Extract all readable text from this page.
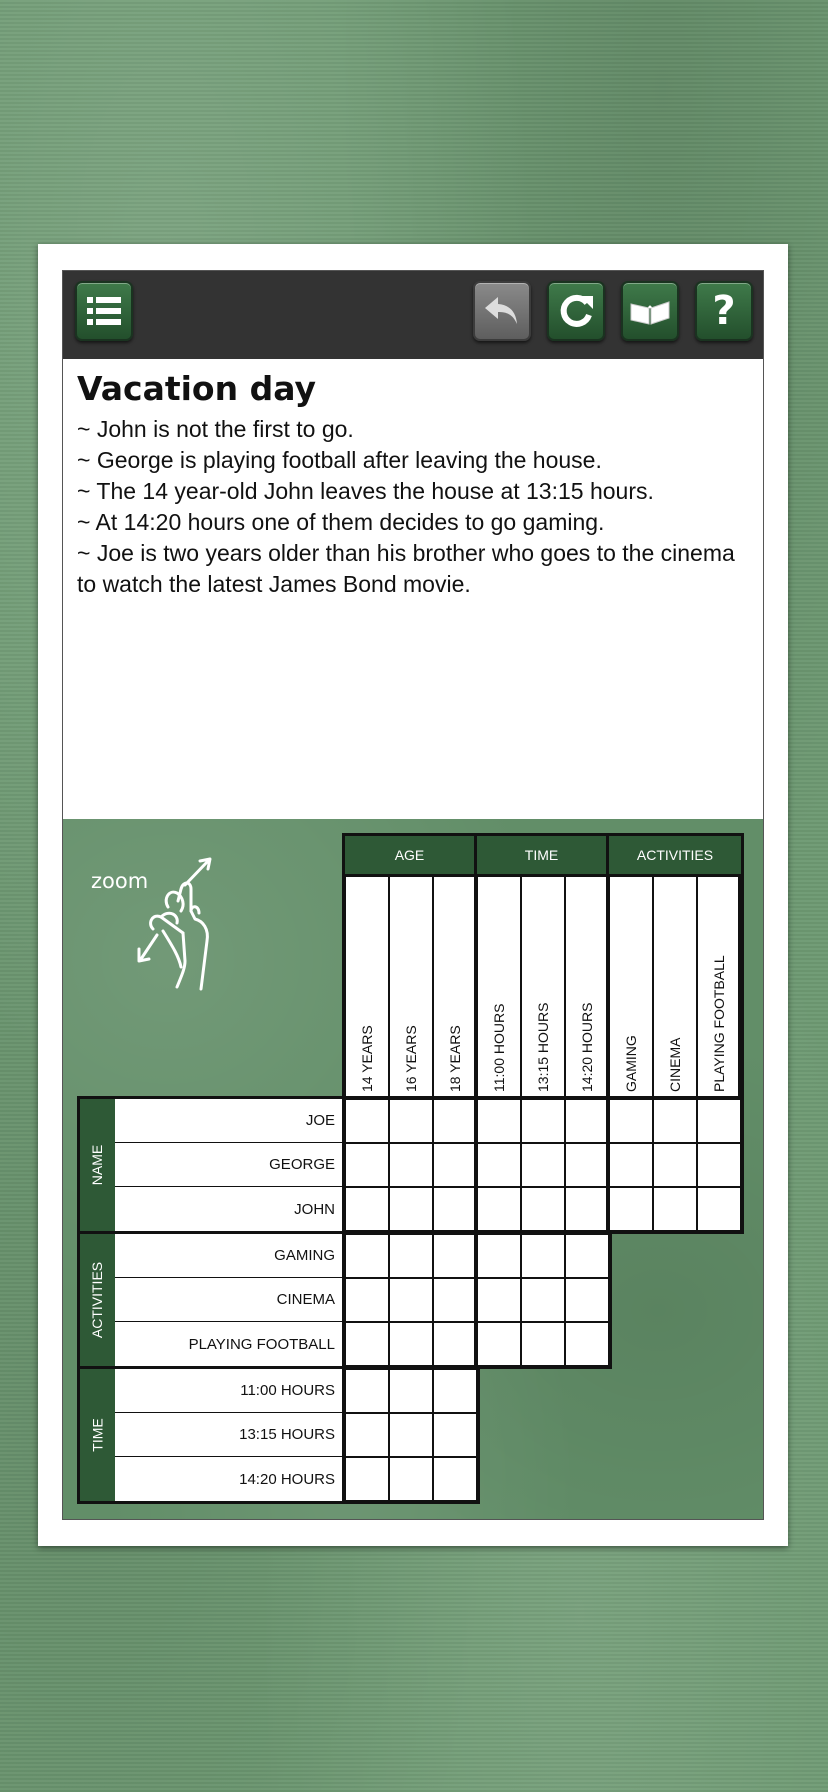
?
Vacation day
~ John is not the first to go.
~ George is playing football after leaving the house.
~ The 14 year-old John leaves the house at 13:15 hours.
~ At 14:20 hours one of them decides to go gaming.
~ Joe is two years older than his brother who goes to the cinema to watch the latest James Bond movie.
zoom
AGE	TIME	ACTIVITIES
14 YEARS 16 YEARS 18 YEARS 11:00 HOURS 13:15 HOURS 14:20 HOURS GAMING CINEMA PLAYING FOOTBALL
NAME
JOE
GEORGE
JOHN
ACTIVITIES
GAMING
CINEMA
PLAYING FOOTBALL
TIME
11:00 HOURS
13:15 HOURS
14:20 HOURS
